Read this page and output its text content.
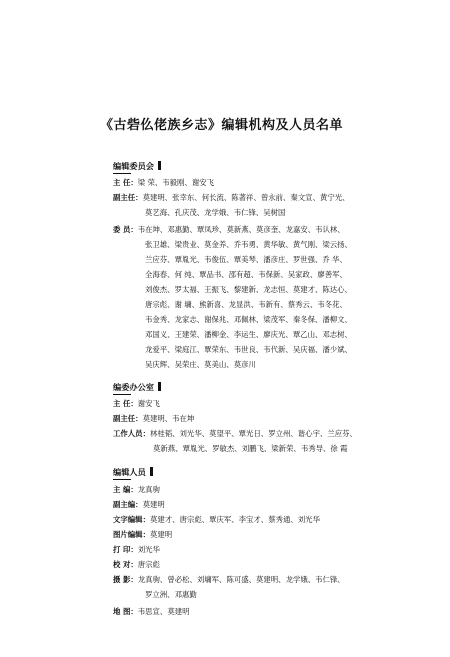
《古砦仫佬族乡志》编辑机构及人员名单
编辑委员会
主 任：梁 荣、韦毅刚、谢安飞
副主任：莫建明、张幸东、何长流、陈著祥、曾永前、秦文宣、黄宁光、
莫艺海、孔庆茂、龙学娥、韦仁锋、吴树国
委 员：韦在坤、邓惠勤、覃凤珍、莫新燕、莫彦奎、龙嘉安、韦认林、
张卫雄、梁贵业、莫金养、乔韦勇、黄华敏、黄气刚、梁云扬、
兰应芬、覃胤光、韦俊伍、覃美琴、潘彦庄、罗世强、乔 华、
全海春、何 纯、覃品书、邵有超、韦保新、吴家政、廖善军、
刘俊杰、罗太福、王振飞、黎建新、龙志恒、莫建才、陈达心、
唐宗彪、谢 墉、熊新喜、龙显洪、韦新有、蔡秀云、韦冬花、
韦金秀、龙家志、谢保兆、邓佩林、梁茂军、秦冬保、潘柳文、
邓国义、王建荣、潘柳金、李运生、廖庆光、覃乙山、邓志树、
龙爱平、梁庭江、覃荣东、韦世良、韦代新、吴庆福、潘少斌、
吴庆辉、吴荣庄、莫美山、莫彦川
编委办公室
主 任：谢安飞
副主任：莫建明、韦在坤
工作人员：林桂韬、刘光华、莫望平、覃光日、罗立州、谐心宇、兰应芬、
莫新燕、覃胤光、罗敏杰、刘鹏飞、梁新荣、韦秀导、徐 霞
编辑人员
主 编：龙真驹
副主编：莫建明
文字编辑：莫建才、唐宗彪、覃庆军、李宝才、蔡秀通、刘光华
图片编辑：莫建明
打 印：刘光华
校 对：唐宗彪
摄 影：龙真驹、曾必松、刘墉军、陈可盛、莫建明、龙学娥、韦仁锋、
罗立洲、邓惠勤
地 图：韦思宣、莫建明
